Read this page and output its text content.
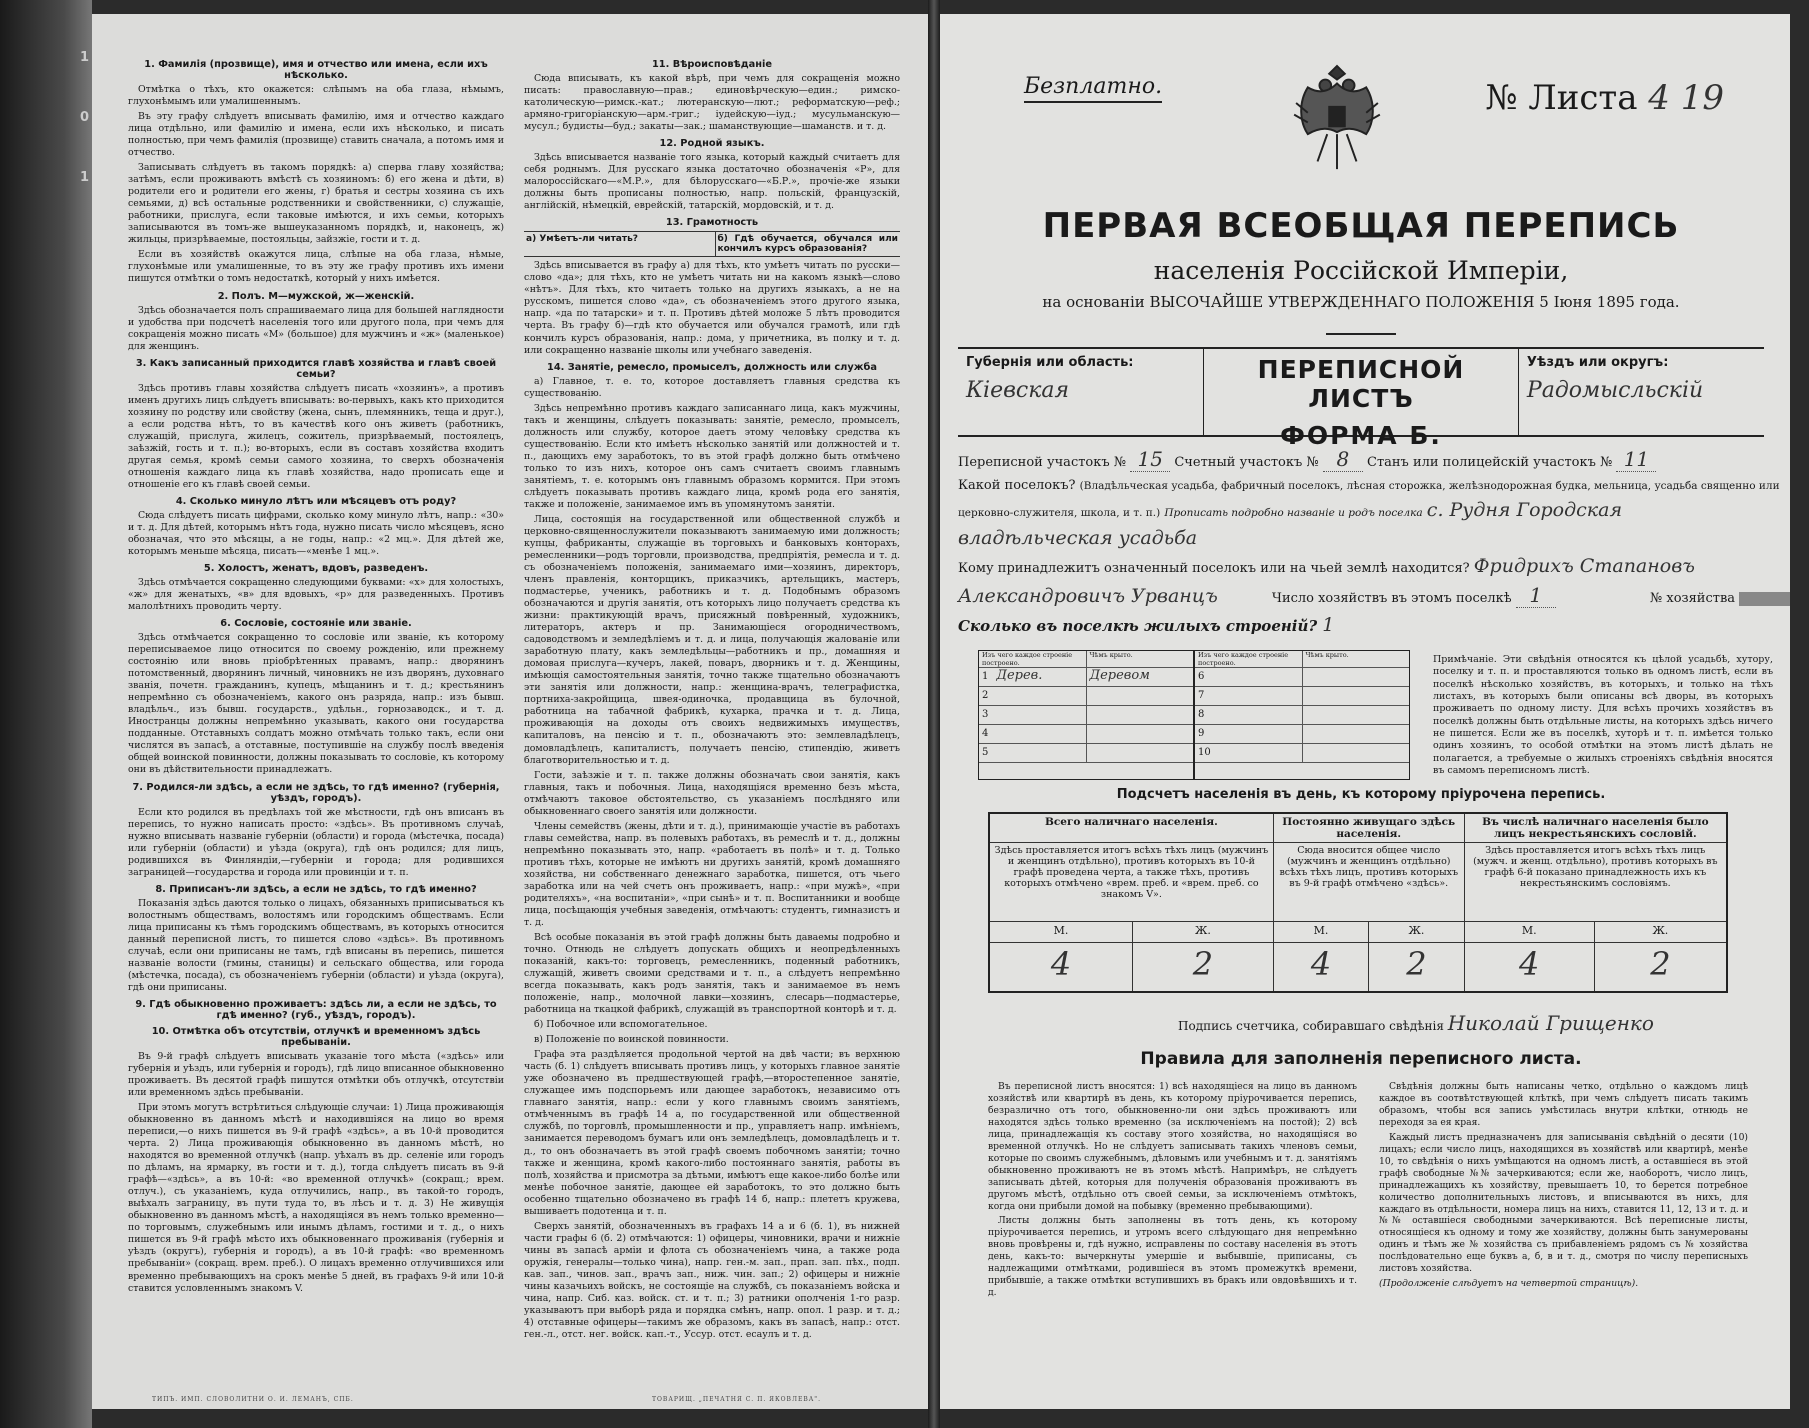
1
0
1
1. Фамилія (прозвище), имя и отчество или имена, если ихъ нѣсколько.

Отмѣтка о тѣхъ, кто окажется: слѣпымъ на оба глаза, нѣмымъ, глухонѣмымъ или умалишеннымъ.

Въ эту графу слѣдуетъ вписывать фамилію, имя и отчество каждаго лица отдѣльно, или фамилію и имена, если ихъ нѣсколько, и писать полностью, при чемъ фамилія (прозвище) ставить сначала, а потомъ имя и отчество.

Записывать слѣдуетъ въ такомъ порядкѣ: а) сперва главу хозяйства; затѣмъ, если проживаютъ вмѣстѣ съ хозяиномъ: б) его жена и дѣти, в) родители его и родители его жены, г) братья и сестры хозяина съ ихъ семьями, д) всѣ остальные родственники и свойственники, с) служащіе, работники, прислуга, если таковые имѣются, и ихъ семьи, которыхъ записываются въ томъ-же вышеуказанномъ порядкѣ, и, наконецъ, ж) жильцы, призрѣваемые, постояльцы, зайзжіе, гости и т. д.

Если въ хозяйствѣ окажутся лица, слѣпые на оба глаза, нѣмые, глухонѣмые или умалишенные, то въ эту же графу противъ ихъ имени пишутся отмѣтки о томъ недостаткѣ, который у нихъ имѣется.

2. Полъ. М—мужской, ж—женскій.

Здѣсь обозначается полъ спрашиваемаго лица для большей наглядности и удобства при подсчетѣ населенія того или другого пола, при чемъ для сокращенія можно писать «М» (большое) для мужчинъ и «ж» (маленькое) для женщинъ.

3. Какъ записанный приходится главѣ хозяйства и главѣ своей семьи?

Здѣсь противъ главы хозяйства слѣдуетъ писать «хозяинъ», а противъ именъ другихъ лицъ слѣдуетъ вписывать: во-первыхъ, какъ кто приходится хозяину по родству или свойству (жена, сынъ, племянникъ, теща и друг.), а если родства нѣтъ, то въ качествѣ кого онъ живетъ (работникъ, служащій, прислуга, жилецъ, сожитель, призрѣваемый, постоялецъ, заѣзжій, гость и т. п.); во-вторыхъ, если въ составъ хозяйства входитъ другая семья, кромѣ семьи самого хозяина, то сверхъ обозначенія отношенія каждаго лица къ главѣ хозяйства, надо прописать еще и отношеніе его къ главѣ своей семьи.

4. Сколько минуло лѣтъ или мѣсяцевъ отъ роду?

Сюда слѣдуетъ писать цифрами, сколько кому минуло лѣтъ, напр.: «30» и т. д. Для дѣтей, которымъ нѣтъ года, нужно писать число мѣсяцевъ, ясно обозначая, что это мѣсяцы, а не годы, напр.: «2 мц.». Для дѣтей же, которымъ меньше мѣсяца, писать—«менѣе 1 мц.».

5. Холостъ, женатъ, вдовъ, разведенъ.

Здѣсь отмѣчается сокращенно следующими буквами: «х» для холостыхъ, «ж» для женатыхъ, «в» для вдовыхъ, «р» для разведенныхъ. Противъ малолѣтнихъ проводить черту.

6. Сословіе, состояніе или званіе.

Здѣсь отмѣчается сокращенно то сословіе или званіе, къ которому переписываемое лицо относится по своему рожденію, или прежнему состоянію или вновь пріобрѣтенных правамъ, напр.: дворянинъ потомственный, дворянинъ личный, чиновникъ не изъ дворянъ, духовнаго званія, почетн. гражданинъ, купецъ, мѣщанинъ и т. д.; крестьянинъ непремѣнно съ обозначеніемъ, какого онъ разряда, напр.: изъ бывш. владѣльч., изъ бывш. государств., удѣльн., горнозаводск., и т. д. Иностранцы должны непремѣнно указывать, какого они государства подданные. Отставныхъ солдатъ можно отмѣчать только такъ, если они числятся въ запасѣ, а отставные, поступившіе на службу послѣ введенія общей воинской повинности, должны показывать то сословіе, къ которому они въ дѣйствительности принадлежатъ.

7. Родился-ли здѣсь, а если не здѣсь, то гдѣ именно? (губернія, уѣздъ, городъ).

Если кто родился въ предѣлахъ той же мѣстности, гдѣ онъ вписанъ въ перепись, то нужно написать просто: «здѣсь». Въ противномъ случаѣ, нужно вписывать названіе губерніи (области) и города (мѣстечка, посада) или губерніи (области) и уѣзда (округа), гдѣ онъ родился; для лицъ, родившихся въ Финляндіи,—губерніи и города; для родившихся заграницей—государства и города или провинціи и т. п.

8. Приписанъ-ли здѣсь, а если не здѣсь, то гдѣ именно?

Показанія здѣсь даются только о лицахъ, обязанныхъ приписываться къ волостнымъ обществамъ, волостямъ или городскимъ обществамъ. Если лица приписаны къ тѣмъ городскимъ обществамъ, въ которыхъ относится данный переписной листъ, то пишется слово «здѣсь». Въ противномъ случаѣ, если они приписаны не тамъ, гдѣ вписаны въ перепись, пишется названіе волости (гмины, станицы) и сельскаго общества, или города (мѣстечка, посада), съ обозначеніемъ губерніи (области) и уѣзда (округа), гдѣ они приписаны.

9. Гдѣ обыкновенно проживаетъ: здѣсь ли, а если не здѣсь, то гдѣ именно? (губ., уѣздъ, городъ).
10. Отмѣтка объ отсутствіи, отлучкѣ и временномъ здѣсь пребываніи.

Въ 9-й графѣ слѣдуетъ вписывать указаніе того мѣста («здѣсь» или губернія и уѣздъ, или губернія и городъ), гдѣ лицо вписанное обыкновенно проживаетъ. Въ десятой графѣ пишутся отмѣтки объ отлучкѣ, отсутствіи или временномъ здѣсь пребываніи.

При этомъ могутъ встрѣтиться слѣдующіе случаи: 1) Лица проживающія обыкновенно въ данномъ мѣстѣ и находившіяся на лицо во время переписи,—о нихъ пишется въ 9-й графѣ «здѣсь», а въ 10-й проводится черта. 2) Лица проживающія обыкновенно въ данномъ мѣстѣ, но находятся во временной отлучкѣ (напр. уѣхалъ въ др. селеніе или городъ по дѣламъ, на ярмарку, въ гости и т. д.), тогда слѣдуетъ писать въ 9-й графѣ—«здѣсь», а въ 10-й: «во временной отлучкѣ» (сокращ.; врем. отлуч.), съ указаніемъ, куда отлучились, напр., въ такой-то городъ, выѣхалъ заграницу, въ пути туда то, въ лѣсъ и т. д. 3) Не живущія обыкновенно въ данномъ мѣстѣ, а находящіяся въ немъ только временно—по торговымъ, служебнымъ или инымъ дѣламъ, гостими и т. д., о нихъ пишется въ 9-й графѣ мѣсто ихъ обыкновеннаго проживанія (губернія и уѣздъ (округъ), губернія и городъ), а въ 10-й графѣ: «во временномъ пребываніи» (сокращ. врем. преб.). О лицахъ временно отлучившихся или временно пребывающихъ на срокъ менѣе 5 дней, въ графахъ 9-й или 10-й ставится условленнымъ знакомъ V.

11. Вѣроисповѣданіе

Сюда вписывать, къ какой вѣрѣ, при чемъ для сокращенія можно писать: православную—прав.; единовѣрческую—един.; римско-католическую—римск.-кат.; лютеранскую—лют.; реформатскую—реф.; армяно-григоріанскую—арм.-григ.; іудейскую—іуд.; мусульманскую—мусул.; будисты—буд.; закаты—зак.; шаманствующие—шаманств. и т. д.

12. Родной языкъ.

Здѣсь вписывается названіе того языка, который каждый считаетъ для себя роднымъ. Для русскаго языка достаточно обозначенія «Р», для малороссійскаго—«М.Р.», для бѣлорусскаго—«Б.Р.», прочіе-же языки должны быть прописаны полностью, напр. польскій, французскій, англійскій, нѣмецкій, еврейскій, татарскій, мордовскій, и т. д.

13. Грамотность
а) Умѣетъ-ли читать?	б) Гдѣ обучается, обучался или кончилъ курсъ образованія?

Здѣсь вписывается въ графу а) для тѣхъ, кто умѣетъ читать по русски—слово «да»; для тѣхъ, кто не умѣетъ читать ни на какомъ языкѣ—слово «нѣтъ». Для тѣхъ, кто читаетъ только на другихъ языкахъ, а не на русскомъ, пишется слово «да», съ обозначеніемъ этого другого языка, напр. «да по татарски» и т. п. Противъ дѣтей моложе 5 лѣтъ проводится черта. Въ графу б)—гдѣ кто обучается или обучался грамотѣ, или гдѣ кончилъ курсъ образованія, напр.: дома, у причетника, въ полку и т. д. или сокращенно названіе школы или учебнаго заведенія.

14. Занятіе, ремесло, промыселъ, должность или служба

а) Главное, т. е. то, которое доставляетъ главныя средства къ существованію.

Здѣсь непремѣнно противъ каждаго записаннаго лица, какъ мужчины, такъ и женщины, слѣдуетъ показывать: занятіе, ремесло, промыселъ, должность или службу, которое даетъ этому человѣку средства къ существованію. Если кто имѣетъ нѣсколько занятій или должностей и т. п., дающихъ ему заработокъ, то въ этой графѣ должно быть отмѣчено только то изъ нихъ, которое онъ самъ считаетъ своимъ главнымъ занятіемъ, т. е. которымъ онъ главнымъ образомъ кормится. При этомъ слѣдуетъ показывать противъ каждаго лица, кромѣ рода его занятія, также и положеніе, занимаемое имъ въ упомянутомъ занятіи.

Лица, состоящія на государственной или общественной службѣ и церковно-священнослужители показываютъ занимаемую ими должность; купцы, фабриканты, служащіе въ торговыхъ и банковыхъ конторахъ, ремесленники—родъ торговли, производства, предпріятія, ремесла и т. д. съ обозначеніемъ положенія, занимаемаго ими—хозяинъ, директоръ, членъ правленія, конторщикъ, приказчикъ, артельщикъ, мастеръ, подмастерье, ученикъ, работникъ и т. д. Подобнымъ образомъ обозначаются и другія занятія, отъ которыхъ лицо получаетъ средства къ жизни: практикующій врачъ, присяжный повѣренный, художникъ, литераторъ, актеръ и пр. Занимающіеся огородничествомъ, садоводствомъ и земледѣліемъ и т. д. и лица, получающія жалованіе или заработную плату, какъ земледѣльцы—работникъ и пр., домашняя и домовая прислуга—кучеръ, лакей, поваръ, дворникъ и т. д. Женщины, имѣющія самостоятельныя занятія, точно также тщательно обозначаютъ эти занятія или должности, напр.: женщина-врачъ, телеграфистка, портниха-закройщица, швея-одиночка, продавщица въ булочной, работница на табачной фабрикѣ, кухарка, прачка и т. д. Лица, проживающія на доходы отъ своихъ недвижимыхъ имуществъ, капиталовъ, на пенсію и т. п., обозначаютъ это: землевладѣлецъ, домовладѣлецъ, капиталистъ, получаетъ пенсію, стипендію, живетъ благотворительностью и т. д.

Гости, заѣзжіе и т. п. также должны обозначать свои занятія, какъ главныя, такъ и побочныя. Лица, находящіяся временно безъ мѣста, отмѣчаютъ таковое обстоятельство, съ указаніемъ послѣдняго или обыкновеннаго своего занятія или должности.

Члены семействъ (жены, дѣти и т. д.), принимающіе участіе въ работахъ главы семейства, напр. въ полевыхъ работахъ, въ ремеслѣ и т. д., должны непремѣнно показывать это, напр. «работаетъ въ полѣ» и т. д. Только противъ тѣхъ, которые не имѣютъ ни другихъ занятій, кромѣ домашняго хозяйства, ни собственнаго денежнаго заработка, пишется, отъ чьего заработка или на чей счетъ онъ проживаетъ, напр.: «при мужѣ», «при родителяхъ», «на воспитаніи», «при сынѣ» и т. п. Воспитанники и вообще лица, посѣщающія учебныя заведенія, отмѣчаютъ: студентъ, гимназистъ и т. д.

Всѣ особые показанія въ этой графѣ должны быть даваемы подробно и точно. Отнюдь не слѣдуетъ допускать общихъ и неопредѣленныхъ показаній, какъ-то: торговецъ, ремесленникъ, поденный работникъ, служащій, живетъ своими средствами и т. п., а слѣдуетъ непремѣнно всегда показывать, какъ родъ занятія, такъ и занимаемое въ немъ положеніе, напр., молочной лавки—хозяинъ, слесарь—подмастерье, работница на ткацкой фабрикѣ, служащій въ транспортной конторѣ и т. д.

б) Побочное или вспомогательное.

в) Положеніе по воинской повинности.

Графа эта раздѣляется продольной чертой на двѣ части; въ верхнюю часть (б. 1) слѣдуетъ вписывать противъ лицъ, у которыхъ главное занятіе уже обозначено въ предшествующей графѣ,—второстепенное занятіе, служащее имъ подспорьемъ или дающее заработокъ, независимо отъ главнаго занятія, напр.: если у кого главнымъ своимъ занятіемъ, отмѣченнымъ въ графѣ 14 а, по государственной или общественной службѣ, по торговлѣ, промышленности и пр., управляетъ напр. имѣніемъ, занимается переводомъ бумагъ или онъ земледѣлецъ, домовладѣлецъ и т. д., то онъ обозначаетъ въ этой графѣ своемъ побочномъ занятіи; точно также и женщина, кромѣ какого-либо постояннаго занятія, работы въ полѣ, хозяйства и присмотра за дѣтьми, имѣютъ еще какое-либо болѣе или менѣе побочное занятіе, дающее ей заработокъ, то это должно быть особенно тщательно обозначено въ графѣ 14 б, напр.: плететъ кружева, вышиваетъ подотенца и т. п.

Сверхъ занятій, обозначенныхъ въ графахъ 14 а и 6 (б. 1), въ нижней части графы 6 (б. 2) отмѣчаются: 1) офицеры, чиновники, врачи и нижніе чины въ запасѣ арміи и флота съ обозначеніемъ чина, а также рода оружія, генералы—только чина), напр. ген.-м. зап., прап. зап. пѣх., подп. кав. зап., чинов. зап., врачъ зап., ниж. чин. зап.; 2) офицеры и нижніе чины казачьихъ войскъ, не состоящіе на службѣ, съ показаніемъ войска и чина, напр. Сиб. каз. войск. ст. и т. п.; 3) ратники ополченія 1-го разр. указываютъ при выборѣ ряда и порядка смѣнъ, напр. опол. 1 разр. и т. д.; 4) отставные офицеры—такимъ же образомъ, какъ въ запасѣ, напр.: отст. ген.-л., отст. нег. войск. кап.-т., Уссур. отст. есаулъ и т. д.

ТИПЪ. ИМП. СЛОВОЛИТНИ О. И. ЛЕМАНЪ, СПБ.	ТОВАРИЩ. „ПЕЧАТНЯ С. П. ЯКОВЛЕВА".
Безплатно.	№ Листа 4 19
ПЕРВАЯ ВСЕОБЩАЯ ПЕРЕПИСЬ
населенія Россійской Имперіи,
на основаніи ВЫСОЧАЙШЕ УТВЕРЖДЕННАГО ПОЛОЖЕНІЯ 5 Іюня 1895 года.
Губернія или область:
Кіевская
ПЕРЕПИСНОЙ ЛИСТЪ
ФОРМА Б.
Уѣздъ или округъ:
Радомысльскій
Переписной участокъ № 15 Счетный участокъ № 8 Станъ или полицейскій участокъ № 11
Какой поселокъ? (Владѣльческая усадьба, фабричный поселокъ, лѣсная сторожка, желѣзнодорожная будка, мельница, усадьба священно или
церковно-служителя, школа, и т. п.) Прописать подробно названіе и родъ поселка с. Рудня Городская
владѣльческая усадьба
Кому принадлежитъ означенный поселокъ или на чьей землѣ находится? Фридрихъ Стапановъ
Александровичъ Урванцъ	Число хозяйствъ въ этомъ поселкѣ 1	№ хозяйства
Сколько въ поселкѣ жилыхъ строеній? 1
Изъ чего каждое строеніе построено.
Чѣмъ крыто.
1 Дерев.	Деревом
2
3
4
5
Изъ чего каждое строеніе построено.
Чѣмъ крыто.
6
7
8
9
10
Примѣчаніе. Эти свѣдѣнія относятся къ цѣлой усадьбѣ, хутору, поселку и т. п. и проставляются только въ одномъ листѣ, если въ поселкѣ нѣсколько хозяйствъ, въ которыхъ, и только на тѣхъ листахъ, въ которыхъ были описаны всѣ дворы, въ которыхъ проживаетъ по одному листу. Для всѣхъ прочихъ хозяйствъ въ поселкѣ должны быть отдѣльные листы, на которыхъ здѣсь ничего не пишется. Если же въ поселкѣ, хуторѣ и т. п. имѣется только одинъ хозяинъ, то особой отмѣтки на этомъ листѣ дѣлать не полагается, а требуемые о жилыхъ строеніяхъ свѣдѣнія вносятся въ самомъ переписномъ листѣ.
Подсчетъ населенія въ день, къ которому пріурочена перепись.
Всего наличнаго населенія.		Постоянно живущаго здѣсь населенія.		Въ числѣ наличнаго населенія было лицъ некрестьянскихъ сословій.	
Здѣсь проставляется итогъ всѣхъ тѣхъ лицъ (мужчинъ и женщинъ отдѣльно), противъ которыхъ въ 10-й графѣ проведена черта, а также тѣхъ, противъ которыхъ отмѣчено «врем. преб. и «врем. преб. со знакомъ V».		Сюда вносится общее число (мужчинъ и женщинъ отдѣльно) всѣхъ тѣхъ лицъ, противъ которыхъ въ 9-й графѣ отмѣчено «здѣсь».		Здѣсь проставляется итогъ всѣхъ тѣхъ лицъ (мужч. и женщ. отдѣльно), противъ которыхъ въ графѣ 6-й показано принадлежность ихъ къ некрестьянскимъ сословіямъ.	
М.	Ж.	М.	Ж.	М.	Ж.
4	2	4	2	4	2
Подпись счетчика, собиравшаго свѣдѣнія Николай Грищенко
Правила для заполненія переписного листа.

Въ переписной листъ вносятся: 1) всѣ находящіеся на лицо въ данномъ хозяйствѣ или квартирѣ въ день, къ которому пріурочивается перепись, безразлично отъ того, обыкновенно-ли они здѣсь проживаютъ или находятся здѣсь только временно (за исключеніемъ на постой); 2) всѣ лица, принадлежащія къ составу этого хозяйства, но находящіяся во временной отлучкѣ. Но не слѣдуетъ записывать такихъ членовъ семьи, которые по своимъ служебнымъ, дѣловымъ или учебнымъ и т. д. занятіямъ обыкновенно проживаютъ не въ этомъ мѣстѣ. Напримѣръ, не слѣдуетъ записывать дѣтей, которыя для полученія образованія проживаютъ въ другомъ мѣстѣ, отдѣльно отъ своей семьи, за исключеніемъ отмѣтокъ, когда они прибыли домой на побывку (временно пребывающими).

Листы должны быть заполнены въ тотъ день, къ которому пріурочивается перепись, и утромъ всего слѣдующаго дня непремѣнно вновь провѣрены и, гдѣ нужно, исправлены по составу населенія въ этотъ день, какъ-то: вычеркнуты умершіе и выбывшіе, приписаны, съ надлежащими отмѣтками, родившіеся въ этомъ промежуткѣ времени, прибывшіе, а также отмѣтки вступившихъ въ бракъ или овдовѣвшихъ и т. д.

Свѣдѣнія должны быть написаны четко, отдѣльно о каждомъ лицѣ каждое въ соотвѣтствующей клѣткѣ, при чемъ слѣдуетъ писать такимъ образомъ, чтобы вся запись умѣстилась внутри клѣтки, отнюдь не переходя за ея края.

Каждый листъ предназначенъ для записыванія свѣдѣній о десяти (10) лицахъ; если число лицъ, находящихся въ хозяйствѣ или квартирѣ, менѣе 10, то свѣдѣнія о нихъ умѣщаются на одномъ листѣ, а оставшіеся въ этой графѣ свободные №№ зачеркиваются; если же, наоборотъ, число лицъ, принадлежащихъ къ хозяйству, превышаетъ 10, то берется потребное количество дополнительныхъ листовъ, и вписываются въ нихъ, для каждаго въ отдѣльности, номера лицъ на нихъ, ставится 11, 12, 13 и т. д. и №№ оставшіеся свободными зачеркиваются. Всѣ переписные листы, относящіеся къ одному и тому же хозяйству, должны быть занумерованы одинъ и тѣмъ же № хозяйства съ прибавленіемъ рядомъ съ № хозяйства послѣдовательно еще буквъ а, б, в и т. д., смотря по числу переписныхъ листовъ хозяйства.

(Продолженіе слѣдуетъ на четвертой страницѣ).
